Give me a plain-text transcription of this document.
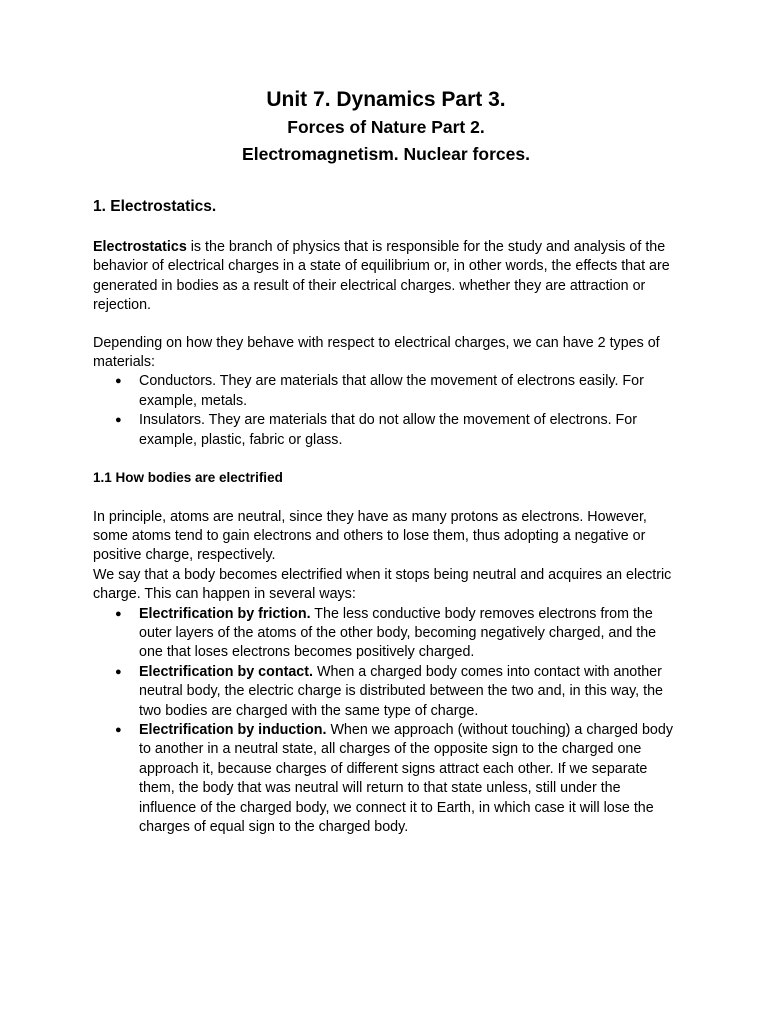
Unit 7. Dynamics Part 3.
Forces of Nature Part 2.
Electromagnetism. Nuclear forces.
1. Electrostatics.

Electrostatics is the branch of physics that is responsible for the study and analysis of the behavior of electrical charges in a state of equilibrium or, in other words, the effects that are generated in bodies as a result of their electrical charges. whether they are attraction or rejection.

Depending on how they behave with respect to electrical charges, we can have 2 types of materials:

● Conductors. They are materials that allow the movement of electrons easily. For example, metals.
● Insulators. They are materials that do not allow the movement of electrons. For example, plastic, fabric or glass.
1.1 How bodies are electrified

In principle, atoms are neutral, since they have as many protons as electrons. However, some atoms tend to gain electrons and others to lose them, thus adopting a negative or positive charge, respectively.

We say that a body becomes electrified when it stops being neutral and acquires an electric charge. This can happen in several ways:

● Electrification by friction. The less conductive body removes electrons from the outer layers of the atoms of the other body, becoming negatively charged, and the one that loses electrons becomes positively charged.
● Electrification by contact. When a charged body comes into contact with another neutral body, the electric charge is distributed between the two and, in this way, the two bodies are charged with the same type of charge.
● Electrification by induction. When we approach (without touching) a charged body to another in a neutral state, all charges of the opposite sign to the charged one approach it, because charges of different signs attract each other. If we separate them, the body that was neutral will return to that state unless, still under the influence of the charged body, we connect it to Earth, in which case it will lose the charges of equal sign to the charged body.
